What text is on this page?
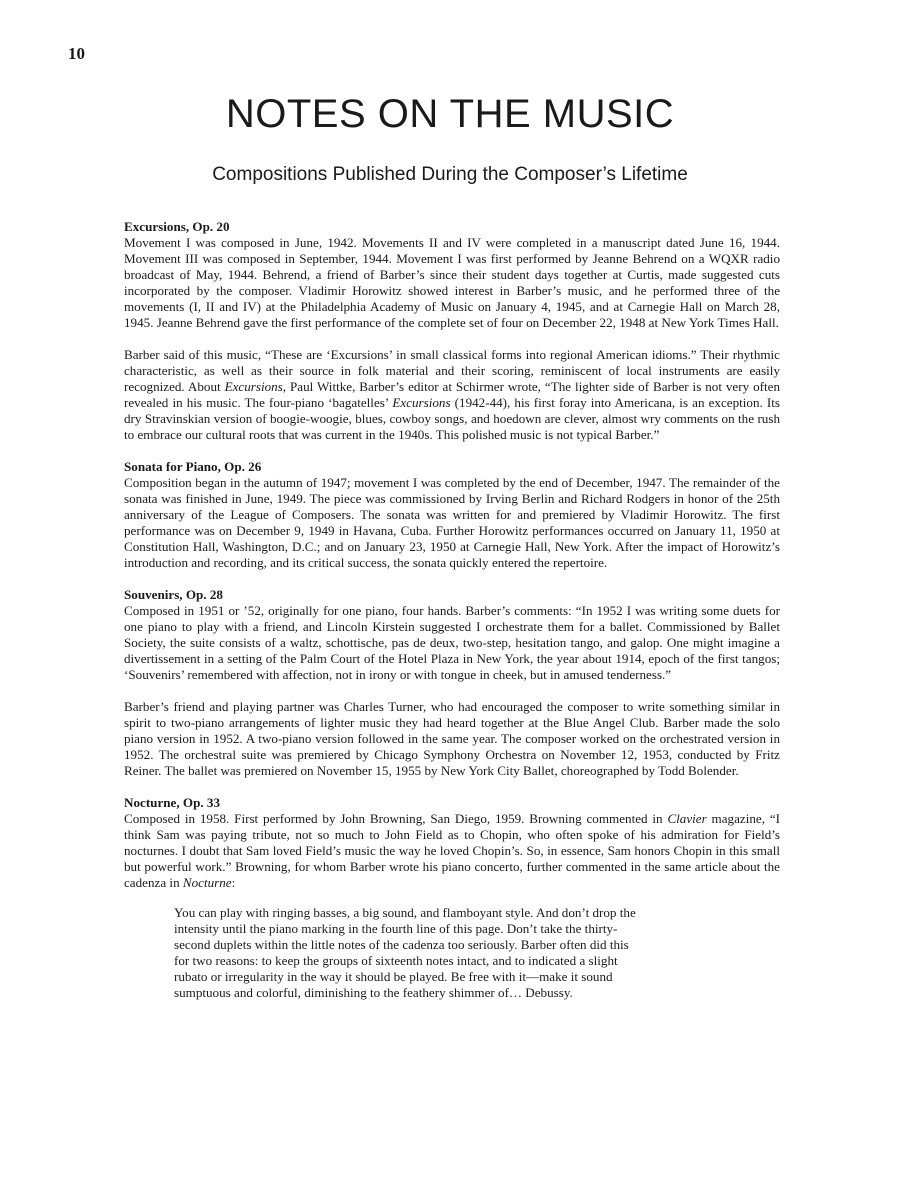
10
NOTES ON THE MUSIC
Compositions Published During the Composer’s Lifetime
Excursions, Op. 20

Movement I was composed in June, 1942. Movements II and IV were completed in a manuscript dated June 16, 1944. Movement III was composed in September, 1944. Movement I was first performed by Jeanne Behrend on a WQXR radio broadcast of May, 1944. Behrend, a friend of Barber’s since their student days together at Curtis, made suggested cuts incorporated by the composer. Vladimir Horowitz showed interest in Barber’s music, and he performed three of the movements (I, II and IV) at the Philadelphia Academy of Music on January 4, 1945, and at Carnegie Hall on March 28, 1945. Jeanne Behrend gave the first performance of the complete set of four on December 22, 1948 at New York Times Hall.

Barber said of this music, “These are ‘Excursions’ in small classical forms into regional American idioms.” Their rhythmic characteristic, as well as their source in folk material and their scoring, reminiscent of local instruments are easily recognized. About Excursions, Paul Wittke, Barber’s editor at Schirmer wrote, “The lighter side of Barber is not very often revealed in his music. The four-piano ‘bagatelles’ Excursions (1942-44), his first foray into Americana, is an exception. Its dry Stravinskian version of boogie-woogie, blues, cowboy songs, and hoedown are clever, almost wry comments on the rush to embrace our cultural roots that was current in the 1940s. This polished music is not typical Barber.”

Sonata for Piano, Op. 26

Composition began in the autumn of 1947; movement I was completed by the end of December, 1947. The remainder of the sonata was finished in June, 1949. The piece was commissioned by Irving Berlin and Richard Rodgers in honor of the 25th anniversary of the League of Composers. The sonata was written for and premiered by Vladimir Horowitz. The first performance was on December 9, 1949 in Havana, Cuba. Further Horowitz performances occurred on January 11, 1950 at Constitution Hall, Washington, D.C.; and on January 23, 1950 at Carnegie Hall, New York. After the impact of Horowitz’s introduction and recording, and its critical success, the sonata quickly entered the repertoire.

Souvenirs, Op. 28

Composed in 1951 or ’52, originally for one piano, four hands. Barber’s comments: “In 1952 I was writing some duets for one piano to play with a friend, and Lincoln Kirstein suggested I orchestrate them for a ballet. Commissioned by Ballet Society, the suite consists of a waltz, schottische, pas de deux, two-step, hesitation tango, and galop. One might imagine a divertissement in a setting of the Palm Court of the Hotel Plaza in New York, the year about 1914, epoch of the first tangos; ‘Souvenirs’ remembered with affection, not in irony or with tongue in cheek, but in amused tenderness.”

Barber’s friend and playing partner was Charles Turner, who had encouraged the composer to write something similar in spirit to two-piano arrangements of lighter music they had heard together at the Blue Angel Club. Barber made the solo piano version in 1952. A two-piano version followed in the same year. The composer worked on the orchestrated version in 1952. The orchestral suite was premiered by Chicago Symphony Orchestra on November 12, 1953, conducted by Fritz Reiner. The ballet was premiered on November 15, 1955 by New York City Ballet, choreographed by Todd Bolender.

Nocturne, Op. 33

Composed in 1958. First performed by John Browning, San Diego, 1959. Browning commented in Clavier magazine, “I think Sam was paying tribute, not so much to John Field as to Chopin, who often spoke of his admiration for Field’s nocturnes. I doubt that Sam loved Field’s music the way he loved Chopin’s. So, in essence, Sam honors Chopin in this small but powerful work.” Browning, for whom Barber wrote his piano concerto, further commented in the same article about the cadenza in Nocturne:

You can play with ringing basses, a big sound, and flamboyant style. And don’t drop the
intensity until the piano marking in the fourth line of this page. Don’t take the thirty-
second duplets within the little notes of the cadenza too seriously. Barber often did this
for two reasons: to keep the groups of sixteenth notes intact, and to indicated a slight
rubato or irregularity in the way it should be played. Be free with it—make it sound
sumptuous and colorful, diminishing to the feathery shimmer of… Debussy.
